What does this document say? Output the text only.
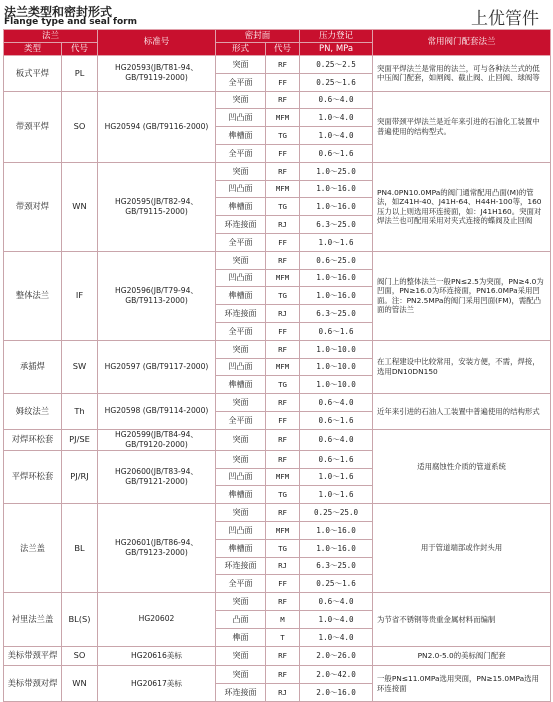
法兰类型和密封形式
Flange type and seal form	上优管件
法兰		标准号	密封面		压力登记	常用阀门配套法兰
类型	代号		形式	代号	PN, MPa	
板式平焊	PL	HG20593(JB/T81-94、GB/T9119-2000)	突面	RF	0.25～2.5	突面平焊法兰是常用的法兰，可与各种法兰式的低中压阀门配套，如闸阀、截止阀、止回阀、球阀等
			全平面	FF	0.25～1.6	
带颈平焊	SO	HG20594 (GB/T9116-2000)	突面	RF	0.6～4.0	突面带颈平焊法兰是近年来引进的石油化工装置中普遍使用的结构型式。
			凹凸面	MFM	1.0～4.0	
			榫槽面	TG	1.0～4.0	
			全平面	FF	0.6～1.6	
带颈对焊	WN	HG20595(JB/T82-94、GB/T9115-2000)	突面	RF	1.0～25.0	PN4.0PN10.0MPa的阀门通常配用凸面(M)的管法，如Z41H-40、J41H-64、H44H-100等，160压力以上则选用环连接面，如：J41H160。突面对焊法兰也可配用采用对夹式连接的蝶阀及止回阀
			凹凸面	MFM	1.0～16.0	
			榫槽面	TG	1.0～16.0	
			环连接面	RJ	6.3～25.0	
			全平面	FF	1.0～1.6	
整体法兰	IF	HG20596(JB/T79-94、GB/T9113-2000)	突面	RF	0.6～25.0	阀门上的整体法兰一般PN≤2.5为突面，PN≥4.0为凹面，PN≥16.0为环连接面，PN16.0MPa采用凹面。注：PN2.5MPa的阀门采用凹面(FM)，需配凸面的管法兰
			凹凸面	MFM	1.0～16.0	
			榫槽面	TG	1.0～16.0	
			环连接面	RJ	6.3～25.0	
			全平面	FF	0.6～1.6	
承插焊	SW	HG20597 (GB/T9117-2000)	突面	RF	1.0～10.0	在工程建设中比较常用，安装方便，不需，焊接，选用DN10DN150
			凹凸面	MFM	1.0～10.0	
			榫槽面	TG	1.0～10.0	
姆纹法兰	Th	HG20598 (GB/T9114-2000)	突面	RF	0.6～4.0	近年来引进的石油人工装置中普遍使用的结构形式
			全平面	FF	0.6～1.6	
对焊环松套	PJ/SE	HG20599(JB/T84-94、GB/T9120-2000)	突面	RF	0.6～4.0	适用腐蚀性介质的管道系统
平焊环松套	PJ/RJ	HG20600(JB/T83-94、GB/T9121-2000)	突面	RF	0.6～1.6	
			凹凸面	MFM	1.0～1.6	
			榫槽面	TG	1.0～1.6	
法兰盖	BL	HG20601(JB/T86-94、GB/T9123-2000)	突面	RF	0.25～25.0	用于管道端部或作封头用
			凹凸面	MFM	1.0～16.0	
			榫槽面	TG	1.0～16.0	
			环连接面	RJ	6.3～25.0	
			全平面	FF	0.25～1.6	
衬里法兰盖	BL(S)	HG20602	突面	RF	0.6～4.0	为节省不锈钢等贵重金属材料而编制
			凸面	M	1.0～4.0	
			榫面	T	1.0～4.0	
美标带颈平焊	SO	HG20616美标	突面	RF	2.0～26.0	PN2.0-5.0的美标阀门配套
美标带颈对焊	WN	HG20617美标	突面	RF	2.0～42.0	一般PN≤11.0MPa选用突面，PN≥15.0MPa选用环连接面
			环连接面	RJ	2.0～16.0	
